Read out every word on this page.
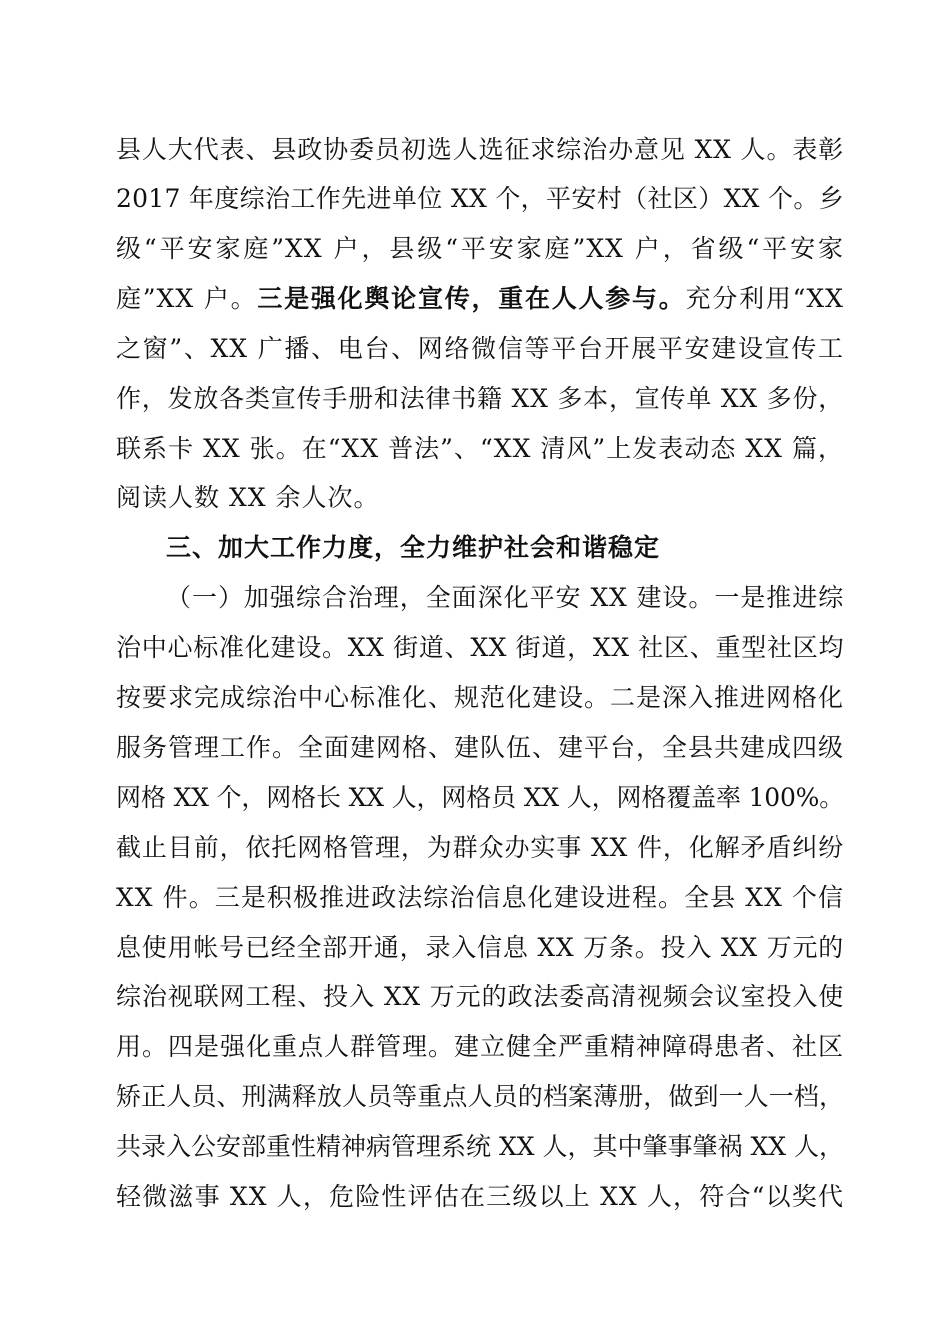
县人大代表、县政协委员初选人选征求综治办意见 XX 人。表彰
2017 年度综治工作先进单位 XX 个，平安村（社区）XX 个。乡
级“平安家庭”XX 户，县级“平安家庭”XX 户，省级“平安家
庭”XX 户。三是强化舆论宣传，重在人人参与。充分利用“XX
之窗”、XX 广播、电台、网络微信等平台开展平安建设宣传工
作，发放各类宣传手册和法律书籍 XX 多本，宣传单 XX 多份，
联系卡 XX 张。在“XX 普法”、“XX 清风”上发表动态 XX 篇，
阅读人数 XX 余人次。
三、加大工作力度，全力维护社会和谐稳定
（一）加强综合治理，全面深化平安 XX 建设。一是推进综
治中心标准化建设。XX 街道、XX 街道，XX 社区、重型社区均
按要求完成综治中心标准化、规范化建设。二是深入推进网格化
服务管理工作。全面建网格、建队伍、建平台，全县共建成四级
网格 XX 个，网格长 XX 人，网格员 XX 人，网格覆盖率 100%。
截止目前，依托网格管理，为群众办实事 XX 件，化解矛盾纠纷
XX 件。三是积极推进政法综治信息化建设进程。全县 XX 个信
息使用帐号已经全部开通，录入信息 XX 万条。投入 XX 万元的
综治视联网工程、投入 XX 万元的政法委高清视频会议室投入使
用。四是强化重点人群管理。建立健全严重精神障碍患者、社区
矫正人员、刑满释放人员等重点人员的档案薄册，做到一人一档，
共录入公安部重性精神病管理系统 XX 人，其中肇事肇祸 XX 人，
轻微滋事 XX 人，危险性评估在三级以上 XX 人，符合“以奖代
